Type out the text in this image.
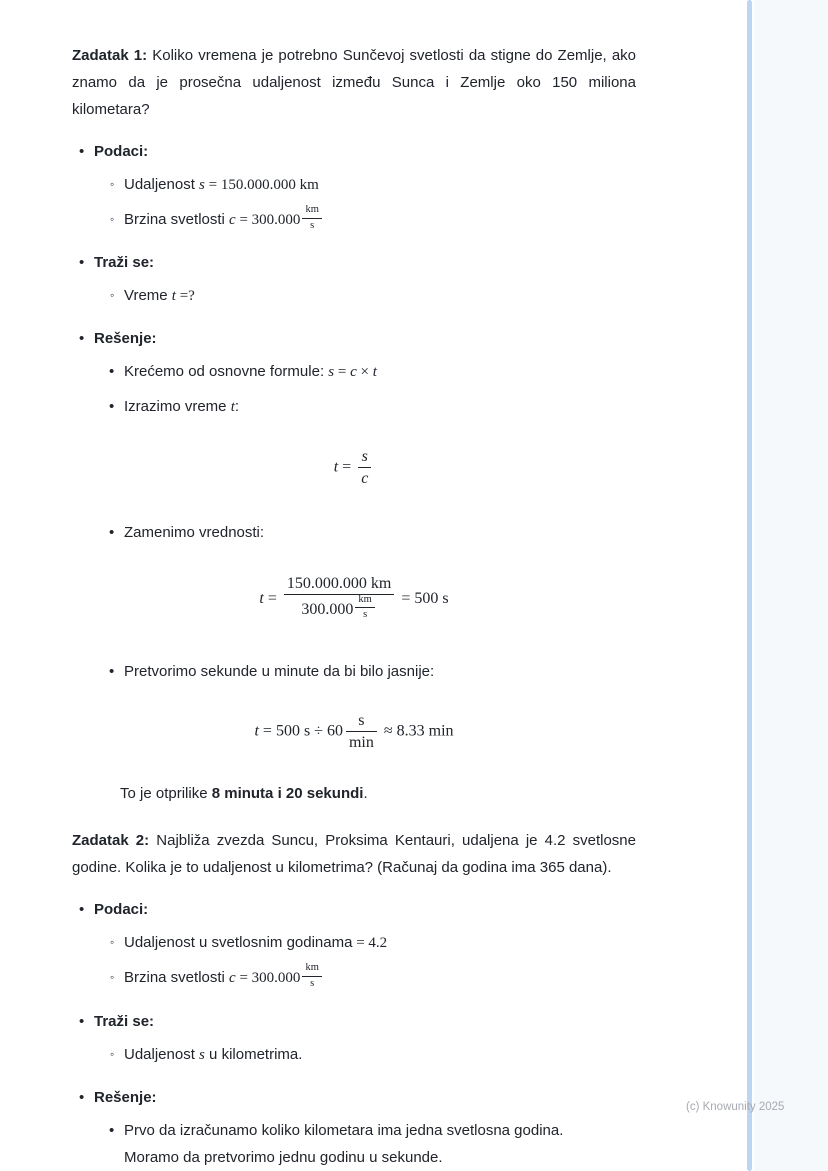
Zadatak 1: Koliko vremena je potrebno Sunčevoj svetlosti da stigne do Zemlje, ako znamo da je prosečna udaljenost između Sunca i Zemlje oko 150 miliona kilometara?

• Podaci:
◦ Udaljenost s = 150.000.000 km
◦ Brzina svetlosti $c = 300.000 \frac{km}{s}$
• Traži se:
◦ Vreme t =?
• Rešenje:
• Krećemo od osnovne formule: s = c × t
• Izrazimo vreme t:
$t = \frac{s}{c}$
• Zamenimo vrednosti:
$t = \frac{150.000.000 km}{300.000 \frac{km}{s}} = 500$ s
• Pretvorimo sekunde u minute da bi bilo jasnije:
t = 500 $s \div 60 \frac{s}{\min} \approx 8.33$ min

To je otprilike 8 minuta i 20 sekundi.

Zadatak 2: Najbliža zvezda Suncu, Proksima Kentauri, udaljena je 4.2 svetlosne godine. Kolika je to udaljenost u kilometrima? (Računaj da godina ima 365 dana).

• Podaci:
◦ Udaljenost u svetlosnim godinama = 4.2
◦ Brzina svetlosti $c = 300.000 \frac{km}{s}$
• Traži se:
◦ Udaljenost s u kilometrima.
• Rešenje:
• Prvo da izračunamo koliko kilometara ima jedna svetlosna godina.
Moramo da pretvorimo jednu godinu u sekunde.
(c) Knowunity 2025
